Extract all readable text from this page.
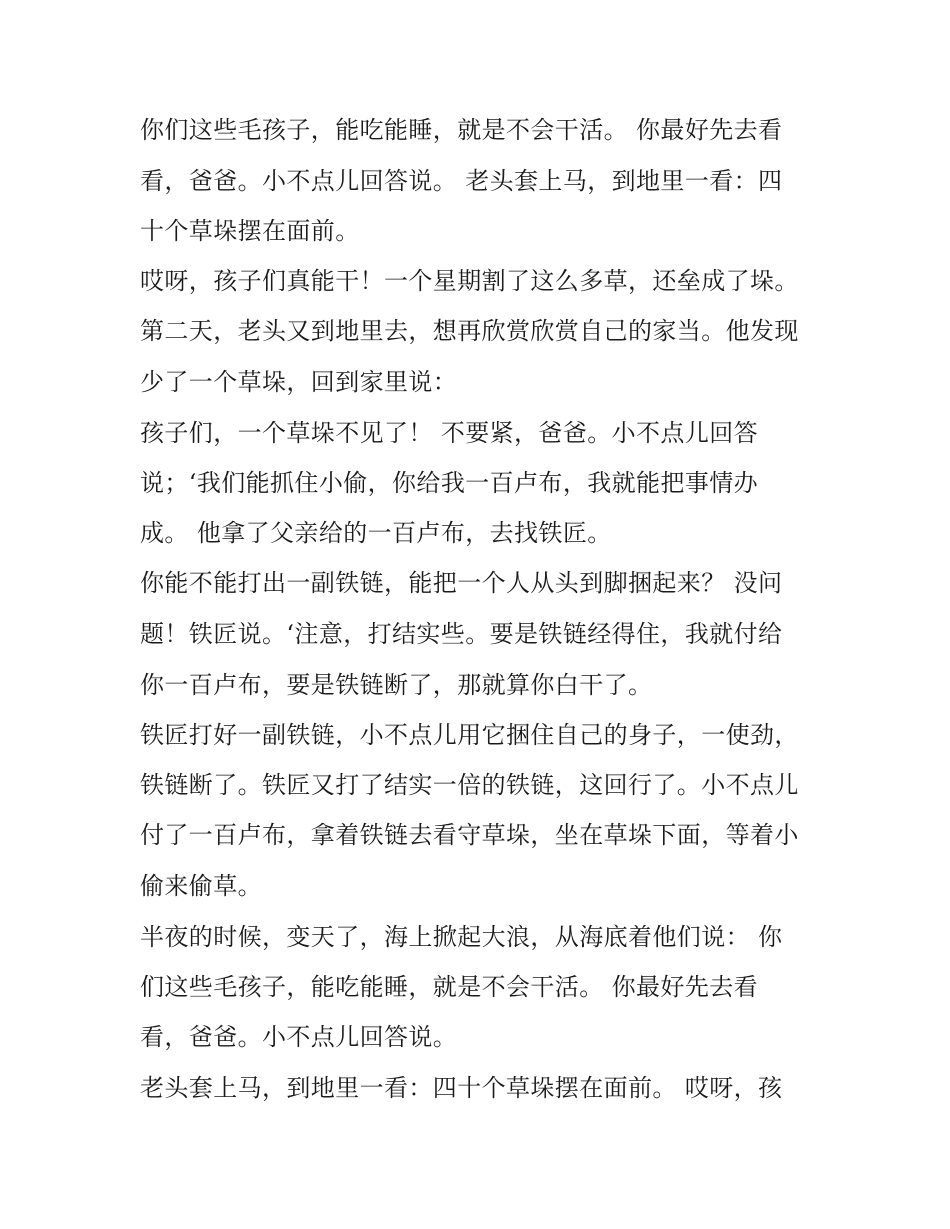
你们这些毛孩子，能吃能睡，就是不会干活。 你最好先去看
看，爸爸。小不点儿回答说。 老头套上马，到地里一看：四
十个草垛摆在面前。
哎呀，孩子们真能干！一个星期割了这么多草，还垒成了垛。
第二天，老头又到地里去，想再欣赏欣赏自己的家当。他发现
少了一个草垛，回到家里说：
孩子们，一个草垛不见了！ 不要紧，爸爸。小不点儿回答
说；‘我们能抓住小偷，你给我一百卢布，我就能把事情办
成。 他拿了父亲给的一百卢布，去找铁匠。
你能不能打出一副铁链，能把一个人从头到脚捆起来？ 没问
题！铁匠说。‘注意，打结实些。要是铁链经得住，我就付给
你一百卢布，要是铁链断了，那就算你白干了。
铁匠打好一副铁链，小不点儿用它捆住自己的身子，一使劲，
铁链断了。铁匠又打了结实一倍的铁链，这回行了。小不点儿
付了一百卢布，拿着铁链去看守草垛，坐在草垛下面，等着小
偷来偷草。
半夜的时候，变天了，海上掀起大浪，从海底着他们说： 你
们这些毛孩子，能吃能睡，就是不会干活。 你最好先去看
看，爸爸。小不点儿回答说。
老头套上马，到地里一看：四十个草垛摆在面前。 哎呀，孩
